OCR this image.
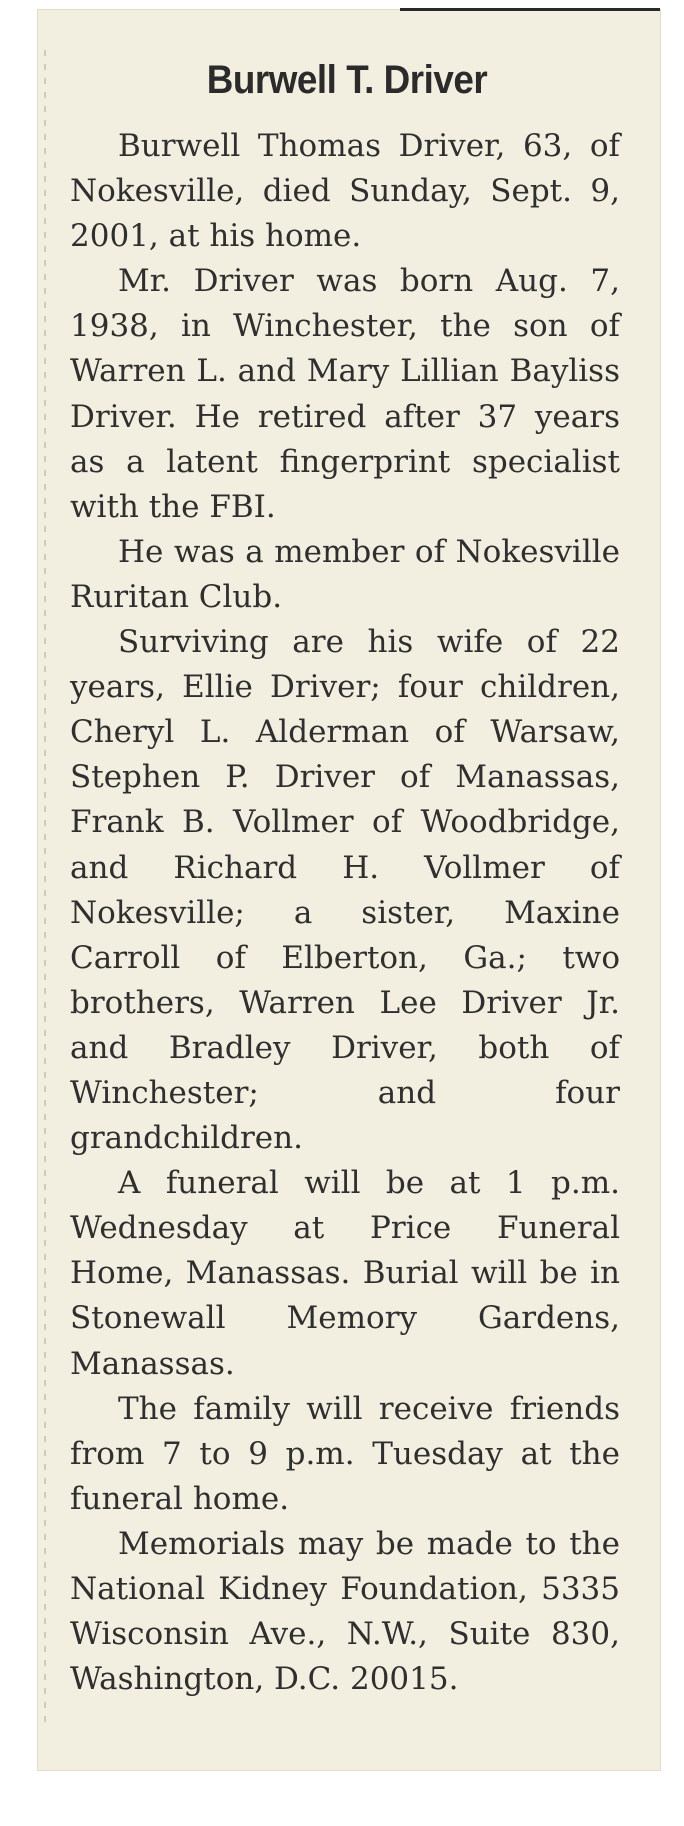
Burwell T. Driver

Burwell Thomas Driver, 63, of Nokesville, died Sunday, Sept. 9, 2001, at his home.

Mr. Driver was born Aug. 7, 1938, in Winchester, the son of Warren L. and Mary Lillian Bayliss Driver. He retired after 37 years as a latent fingerprint specialist with the FBI.

He was a member of Nokesville Ruritan Club.

Surviving are his wife of 22 years, Ellie Driver; four children, Cheryl L. Alderman of Warsaw, Stephen P. Driver of Manassas, Frank B. Vollmer of Woodbridge, and Richard H. Vollmer of Nokesville; a sister, Maxine Carroll of Elberton, Ga.; two brothers, Warren Lee Driver Jr. and Bradley Driver, both of Winchester; and four grandchildren.

A funeral will be at 1 p.m. Wednesday at Price Funeral Home, Manassas. Burial will be in Stonewall Memory Gardens, Manassas.

The family will receive friends from 7 to 9 p.m. Tuesday at the funeral home.

Memorials may be made to the National Kidney Foundation, 5335 Wisconsin Ave., N.W., Suite 830, Washington, D.C. 20015.
